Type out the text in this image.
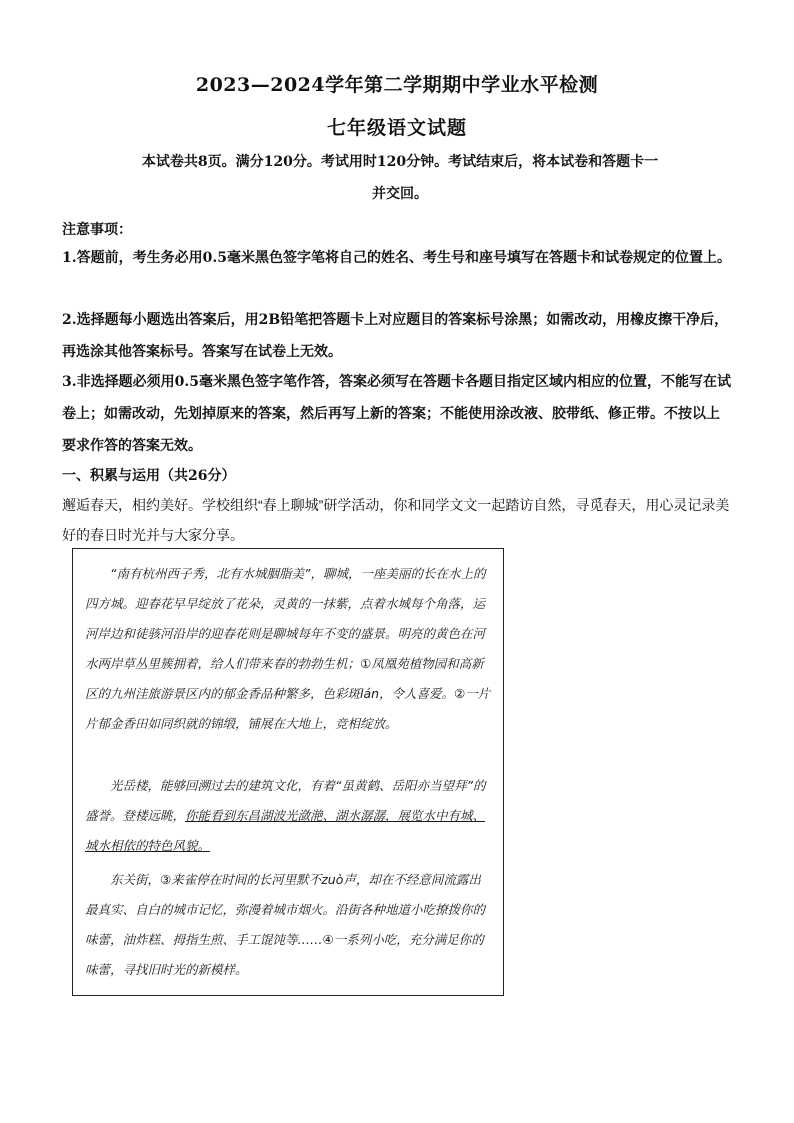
2023—2024学年第二学期期中学业水平检测
七年级语文试题
本试卷共8页。满分120分。考试用时120分钟。考试结束后，将本试卷和答题卡一并交回。
注意事项：
1.答题前，考生务必用0.5毫米黑色签字笔将自己的姓名、考生号和座号填写在答题卡和试卷规定的位置上。
2.选择题每小题选出答案后，用2B铅笔把答题卡上对应题目的答案标号涂黑；如需改动，用橡皮擦干净后，再选涂其他答案标号。答案写在试卷上无效。
3.非选择题必须用0.5毫米黑色签字笔作答，答案必须写在答题卡各题目指定区域内相应的位置，不能写在试卷上；如需改动，先划掉原来的答案，然后再写上新的答案；不能使用涂改液、胶带纸、修正带。不按以上要求作答的答案无效。
一、积累与运用（共26分）
邂逅春天，相约美好。学校组织“春上聊城”研学活动，你和同学文文一起踏访自然，寻觅春天，用心灵记录美好的春日时光并与大家分享。
“南有杭州西子秀，北有水城胭脂美”，聊城，一座美丽的长在水上的四方城。迎春花早早绽放了花朵，灵黄的一抹紫，点着水城每个角落，运河岸边和徒骇河沿岸的迎春花则是聊城每年不变的盛景。明亮的黄色在河水两岸草丛里簇拥着，给人们带来春的勃勃生机；①凤凰苑植物园和高新区的九州洼旅游景区内的郁金香品种繁多，色彩斑lán，令人喜爱。②一片片郁金香田如同织就的锦缎，铺展在大地上，竞相绽放。
光岳楼，能够回溯过去的建筑文化，有着“虽黄鹤、岳阳亦当望拜”的盛誉。登楼远眺，你能看到东昌湖波光潋滟、湖水潺潺，展览水中有城、城水相依的特色风貌。
东关街，③来雀停在时间的长河里默不zuò声，却在不经意间流露出最真实、自白的城市记忆，弥漫着城市烟火。沿街各种地道小吃撩拨你的味蕾，油炸糕、拇指生煎、手工馄饨等……④一系列小吃，充分满足你的味蕾，寻找旧时光的新模样。
